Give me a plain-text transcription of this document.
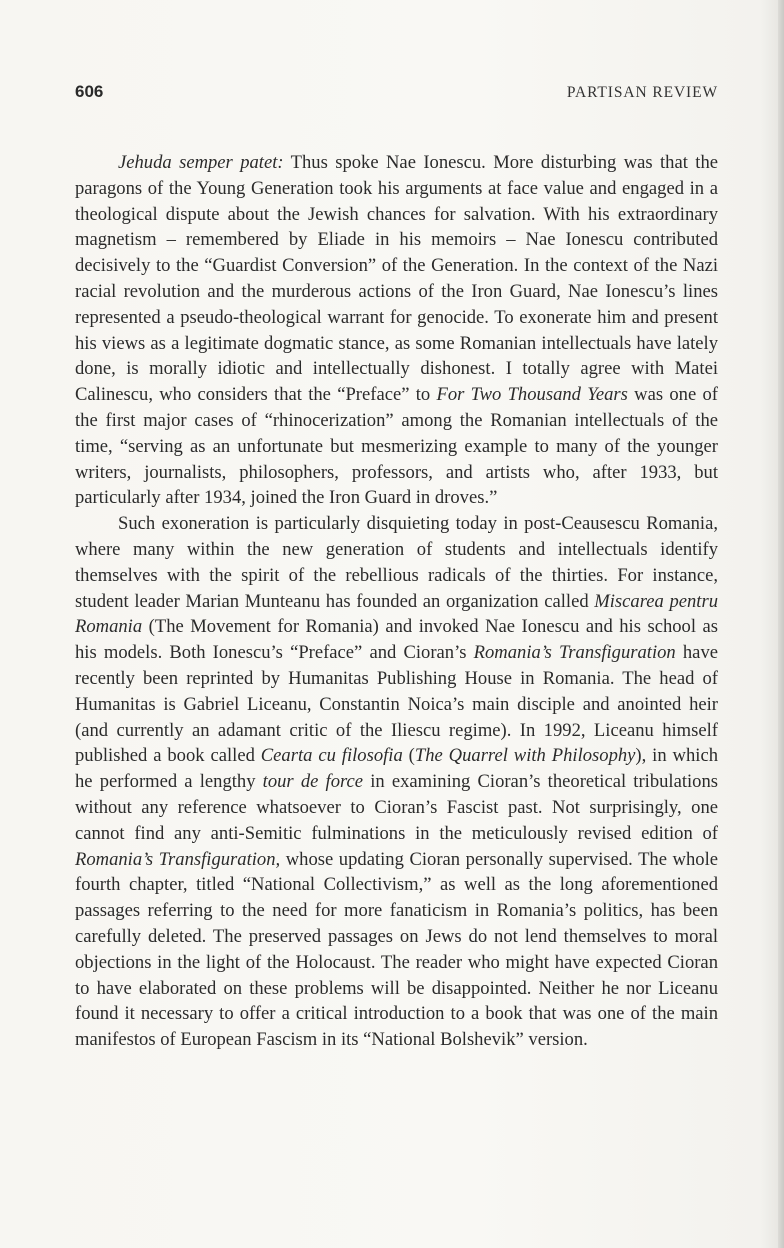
606	PARTISAN REVIEW

Jehuda semper patet: Thus spoke Nae Ionescu. More disturbing was that the paragons of the Young Generation took his arguments at face value and engaged in a theological dispute about the Jewish chances for salvation. With his extraordinary magnetism – remembered by Eliade in his memoirs – Nae Ionescu contributed decisively to the “Guardist Conversion” of the Generation. In the context of the Nazi racial revolution and the murderous actions of the Iron Guard, Nae Ionescu’s lines represented a pseudo-theological warrant for genocide. To exonerate him and present his views as a legitimate dogmatic stance, as some Romanian intellectuals have lately done, is morally idiotic and intellectually dishonest. I totally agree with Matei Calinescu, who considers that the “Preface” to For Two Thousand Years was one of the first major cases of “rhinocerization” among the Romanian intellectuals of the time, “serving as an unfortunate but mesmerizing example to many of the younger writers, journalists, philosophers, professors, and artists who, after 1933, but particularly after 1934, joined the Iron Guard in droves.”

Such exoneration is particularly disquieting today in post-Ceausescu Romania, where many within the new generation of students and intellectuals identify themselves with the spirit of the rebellious radicals of the thirties. For instance, student leader Marian Munteanu has founded an organization called Miscarea pentru Romania (The Movement for Romania) and invoked Nae Ionescu and his school as his models. Both Ionescu’s “Preface” and Cioran’s Romania’s Transfiguration have recently been reprinted by Humanitas Publishing House in Romania. The head of Humanitas is Gabriel Liceanu, Constantin Noica’s main disciple and anointed heir (and currently an adamant critic of the Iliescu regime). In 1992, Liceanu himself published a book called Cearta cu filosofia (The Quarrel with Philosophy), in which he performed a lengthy tour de force in examining Cioran’s theoretical tribulations without any reference whatsoever to Cioran’s Fascist past. Not surprisingly, one cannot find any anti-Semitic fulminations in the meticulously revised edition of Romania’s Transfiguration, whose updating Cioran personally supervised. The whole fourth chapter, titled “National Collectivism,” as well as the long aforementioned passages referring to the need for more fanaticism in Romania’s politics, has been carefully deleted. The preserved passages on Jews do not lend themselves to moral objections in the light of the Holocaust. The reader who might have expected Cioran to have elaborated on these problems will be disappointed. Neither he nor Liceanu found it necessary to offer a critical introduction to a book that was one of the main manifestos of European Fascism in its “National Bolshevik” version.
